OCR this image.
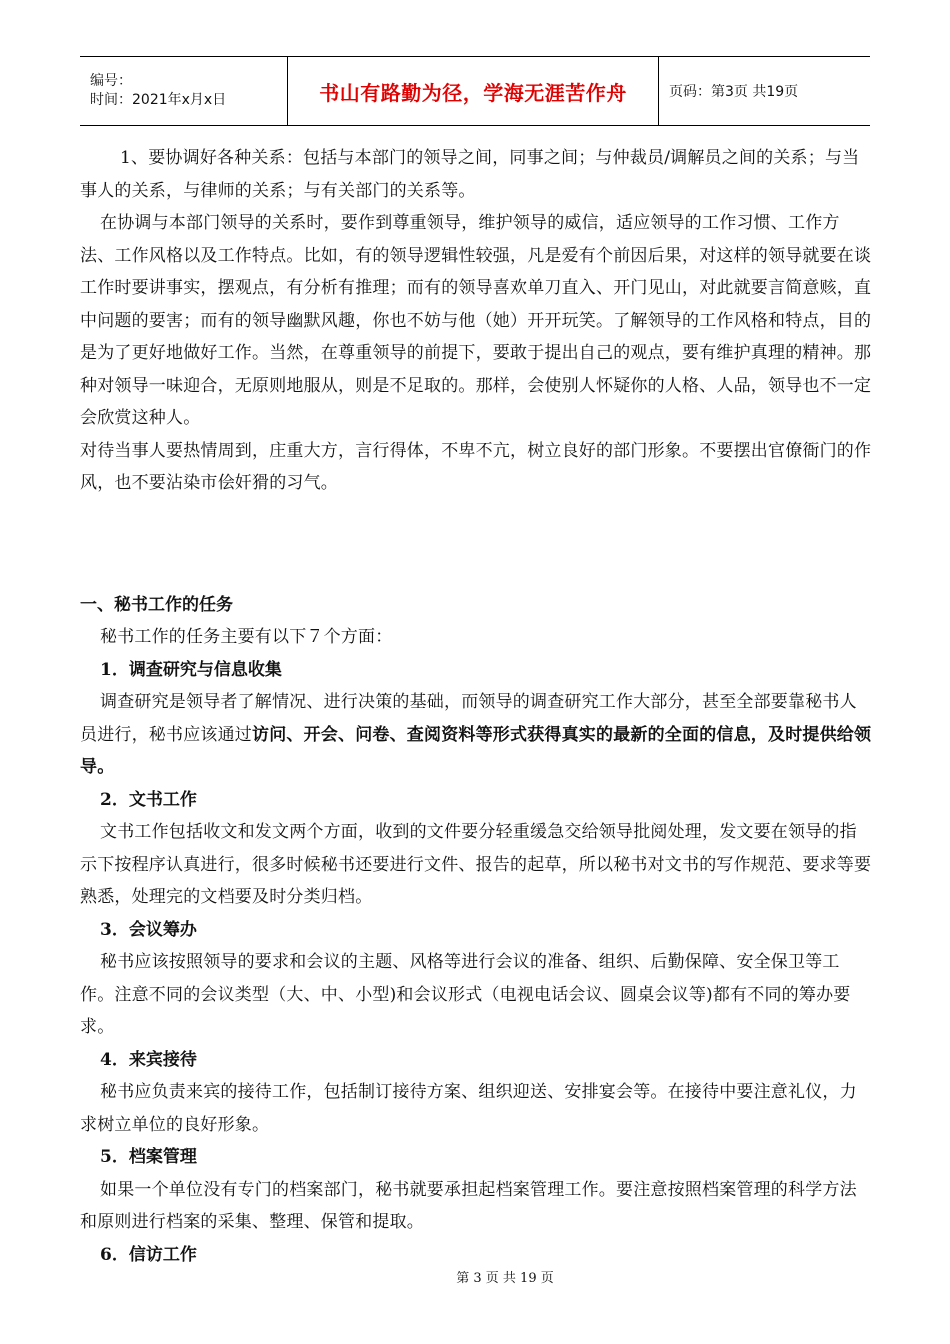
编号：
时间：2021年x月x日	书山有路勤为径，学海无涯苦作舟	页码：第3页 共19页

1、要协调好各种关系：包括与本部门的领导之间，同事之间；与仲裁员/调解员之间的关系；与当事人的关系，与律师的关系；与有关部门的关系等。

在协调与本部门领导的关系时，要作到尊重领导，维护领导的威信，适应领导的工作习惯、工作方法、工作风格以及工作特点。比如，有的领导逻辑性较强，凡是爱有个前因后果，对这样的领导就要在谈工作时要讲事实，摆观点，有分析有推理；而有的领导喜欢单刀直入、开门见山，对此就要言简意赅，直中问题的要害；而有的领导幽默风趣，你也不妨与他（她）开开玩笑。了解领导的工作风格和特点，目的是为了更好地做好工作。当然，在尊重领导的前提下，要敢于提出自己的观点，要有维护真理的精神。那种对领导一味迎合，无原则地服从，则是不足取的。那样，会使别人怀疑你的人格、人品，领导也不一定会欣赏这种人。

对待当事人要热情周到，庄重大方，言行得体，不卑不亢，树立良好的部门形象。不要摆出官僚衙门的作风，也不要沾染市侩奸猾的习气。

一、秘书工作的任务

秘书工作的任务主要有以下７个方面：

1．调查研究与信息收集

调查研究是领导者了解情况、进行决策的基础，而领导的调查研究工作大部分，甚至全部要靠秘书人员进行，秘书应该通过访问、开会、问卷、查阅资料等形式获得真实的最新的全面的信息，及时提供给领导。

2．文书工作

文书工作包括收文和发文两个方面，收到的文件要分轻重缓急交给领导批阅处理，发文要在领导的指示下按程序认真进行，很多时候秘书还要进行文件、报告的起草，所以秘书对文书的写作规范、要求等要熟悉，处理完的文档要及时分类归档。

3．会议筹办

秘书应该按照领导的要求和会议的主题、风格等进行会议的准备、组织、后勤保障、安全保卫等工作。注意不同的会议类型（大、中、小型)和会议形式（电视电话会议、圆桌会议等)都有不同的筹办要求。

4．来宾接待

秘书应负责来宾的接待工作，包括制订接待方案、组织迎送、安排宴会等。在接待中要注意礼仪，力求树立单位的良好形象。

5．档案管理

如果一个单位没有专门的档案部门，秘书就要承担起档案管理工作。要注意按照档案管理的科学方法和原则进行档案的采集、整理、保管和提取。

6．信访工作
第 3 页 共 19 页
